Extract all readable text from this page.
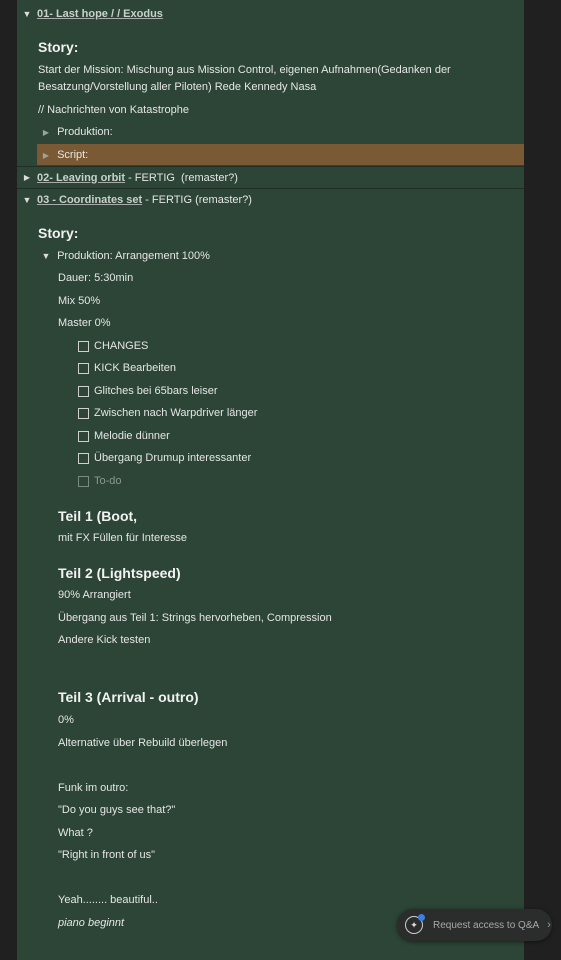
▼ 01- Last hope / / Exodus
Story:
Start der Mission: Mischung aus Mission Control, eigenen Aufnahmen(Gedanken der
Besatzung/Vorstellung aller Piloten) Rede Kennedy Nasa
// Nachrichten von Katastrophe
▶ Produktion:
▶ Script:
▶ 02- Leaving orbit - FERTIG  (remaster?)
▼ 03 - Coordinates set - FERTIG (remaster?)
Story:
▼ Produktion: Arrangement 100%
Dauer: 5:30min
Mix 50%
Master 0%
CHANGES
KICK Bearbeiten
Glitches bei 65bars leiser
Zwischen nach Warpdriver länger
Melodie dünner
Übergang Drumup interessanter
To-do
Teil 1 (Boot,
mit FX Füllen für Interesse
Teil 2 (Lightspeed)
90% Arrangiert
Übergang aus Teil 1: Strings hervorheben, Compression
Andere Kick testen
Teil 3 (Arrival - outro)
0%
Alternative über Rebuild überlegen
Funk im outro:
"Do you guys see that?"
What ?
"Right in front of us"
Yeah........ beautiful..
piano beginnt	✦	Request access to Q&A ›
